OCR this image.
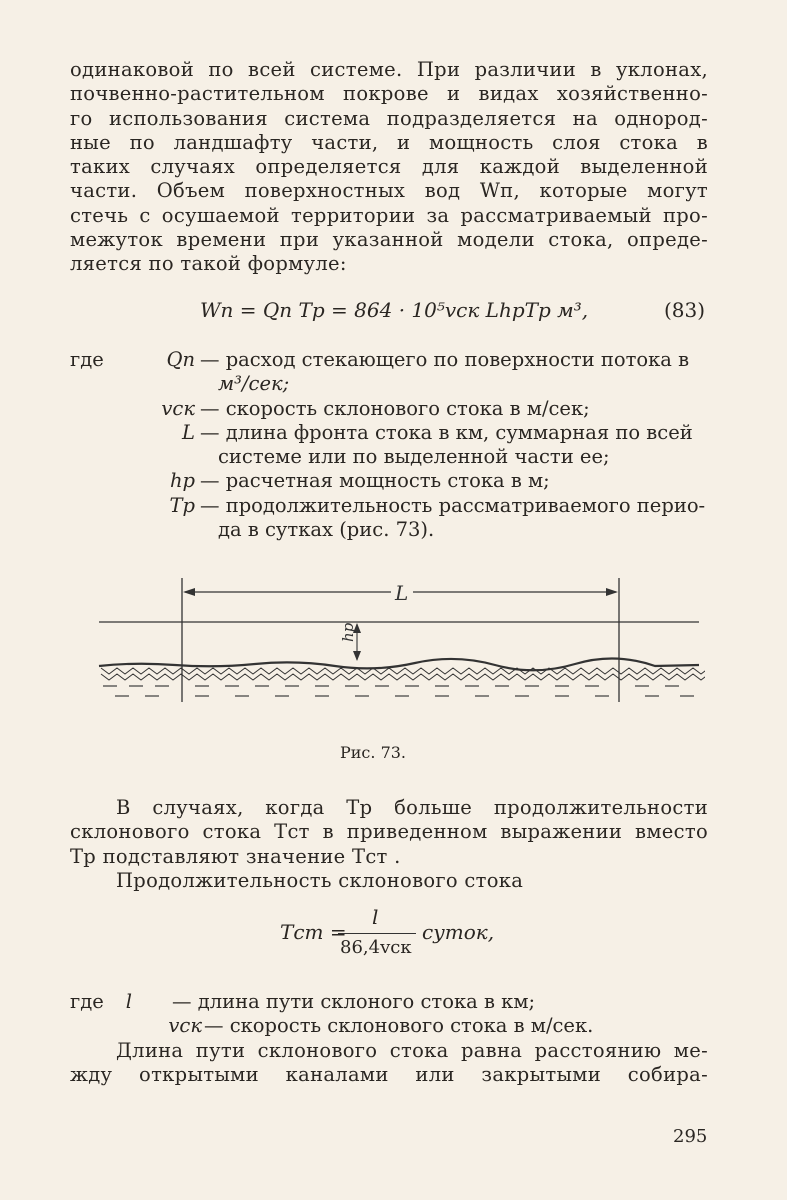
одинаковой по всей системе. При различии в уклонах,
почвенно-растительном покрове и видах хозяйственно-
го использования система подразделяется на однород-
ные по ландшафту части, и мощность слоя стока в
таких случаях определяется для каждой выделенной
части. Объем поверхностных вод Wп, которые могут
стечь с осушаемой территории за рассматриваемый про-
межуток времени при указанной модели стока, опреде-
ляется по такой формуле:

Wп = Qп Tр = 864 · 10⁵vск LhрTр м³,	(83)
где	Qп — расход стекающего по поверхности потока в
м³/сек;
vск — скорость склонового стока в м/сек;
L — длина фронта стока в км, суммарная по всей
системе или по выделенной части ее;
hр — расчетная мощность стока в м;
Tр — продолжительность рассматриваемого перио-
да в сутках (рис. 73).
L
hр
Рис. 73.

В случаях, когда Tр больше продолжительности
склонового стока Tст в приведенном выражении вместо
Tр подставляют значение Tст .

Продолжительность склонового стока

Tст =
l
86,4vск
суток,
где	l — длина пути склоного стока в км;
vск — скорость склонового стока в м/сек.

Длина пути склонового стока равна расстоянию ме-
жду открытыми каналами или закрытыми собира-

295
